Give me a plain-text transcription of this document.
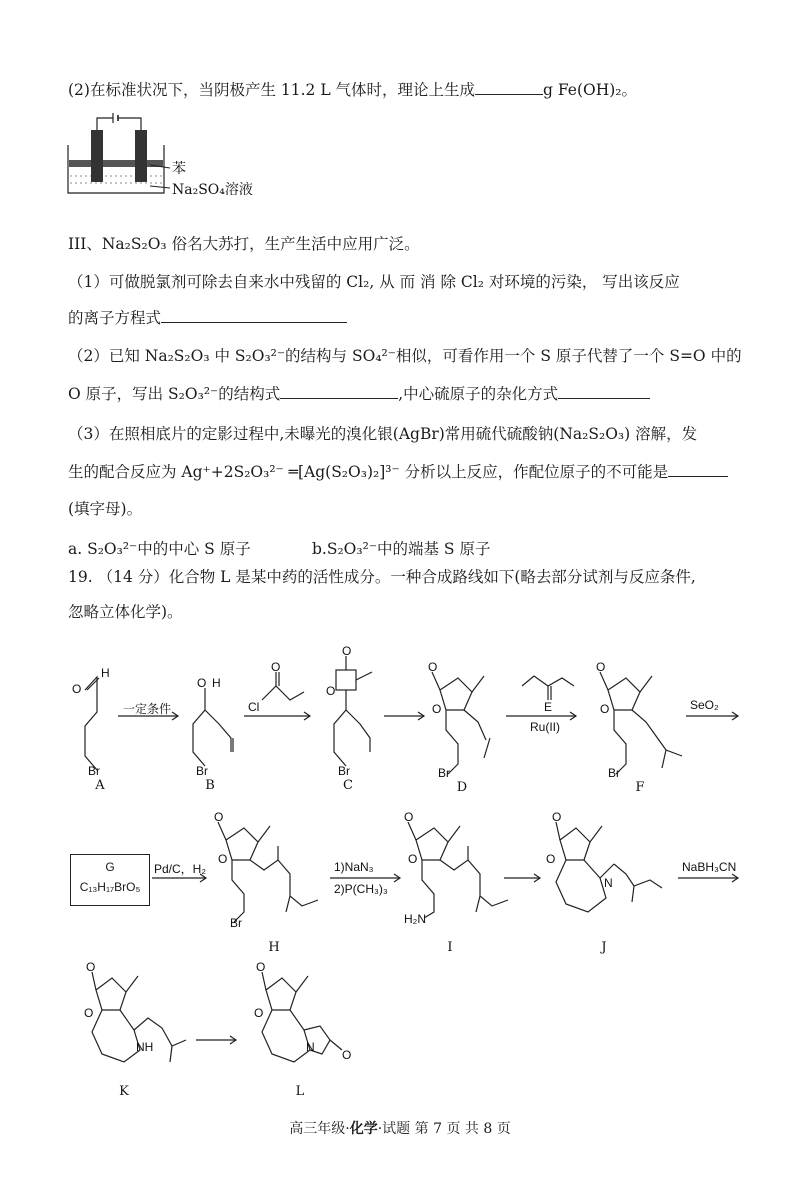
(2)在标准状况下，当阴极产生 11.2 L 气体时，理论上生成	g Fe(OH)₂。
苯
Na₂SO₄溶液
III、Na₂S₂O₃ 俗名大苏打，生产生活中应用广泛。
（1）可做脱氯剂可除去自来水中残留的 Cl₂, 从 而 消 除 Cl₂ 对环境的污染， 写出该反应
的离子方程式
（2）已知 Na₂S₂O₃ 中 S₂O₃²⁻的结构与 SO₄²⁻相似，可看作用一个 S 原子代替了一个 S=O 中的
O 原子，写出 S₂O₃²⁻的结构式	,中心硫原子的杂化方式
（3）在照相底片的定影过程中,未曝光的溴化银(AgBr)常用硫代硫酸钠(Na₂S₂O₃) 溶解，发
生的配合反应为 Ag⁺+2S₂O₃²⁻ ═[Ag(S₂O₃)₂]³⁻ 分析以上反应，作配位原子的不可能是
(填字母)。
a. S₂O₃²⁻中的中心 S 原子	b.S₂O₃²⁻中的端基 S 原子
19. （14 分）化合物 L 是某中药的活性成分。一种合成路线如下(略去部分试剂与反应条件,
忽略立体化学)。
H
O
Br
A
一定条件
O H
Br
B
Cl
O
O
O
Br
C
O
O
Br
D
E
Ru(II)
O
O
Br
F
SeO₂
G
C₁₃H₁₇BrO₅
Pd/C，H₂
O
O
Br
H
1)NaN₃
2)P(CH₃)₃
O
O
H₂N
I
O
O
N
J
NaBH₃CN
O
O
NH
K
O
O
N
O
L
高三年级·化学·试题 第 7 页 共 8 页
